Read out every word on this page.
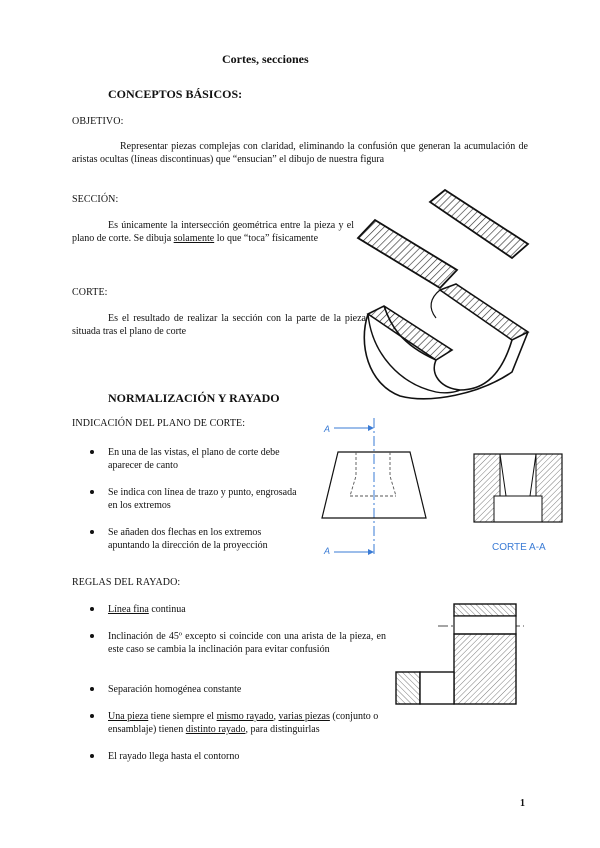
Cortes, secciones
CONCEPTOS BÁSICOS:
OBJETIVO:
Representar piezas complejas con claridad, eliminando la confusión que generan la acumulación de aristas ocultas (líneas discontinuas) que “ensucian” el dibujo de nuestra figura
SECCIÓN:
Es únicamente la intersección geométrica entre la pieza y el plano de corte. Se dibuja solamente lo que “toca” físicamente
CORTE:
Es el resultado de realizar la sección con la parte de la pieza situada tras el plano de corte
NORMALIZACIÓN Y RAYADO
INDICACIÓN DEL PLANO DE CORTE:
En una de las vistas, el plano de corte debe aparecer de canto
Se indica con línea de trazo y punto, engrosada en los extremos
Se añaden dos flechas en los extremos apuntando la dirección de la proyección
A
A	CORTE A-A
REGLAS DEL RAYADO:
Línea fina continua
Inclinación de 45º excepto si coincide con una arista de la pieza, en este caso se cambia la inclinación para evitar confusión
Separación homogénea constante
Una pieza tiene siempre el mismo rayado, varias piezas (conjunto o ensamblaje) tienen distinto rayado, para distinguirlas
El rayado llega hasta el contorno
1
